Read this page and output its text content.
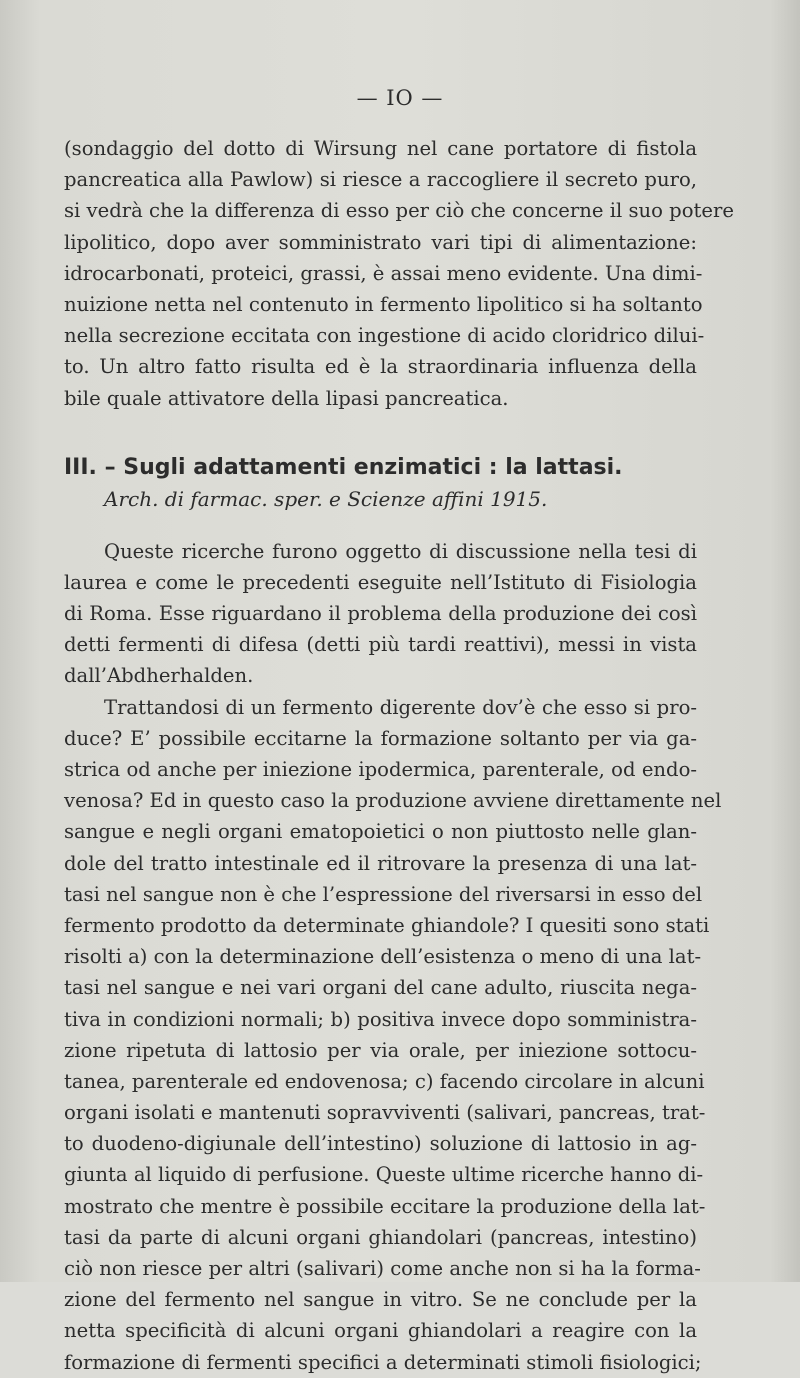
— IO —
(sondaggio del dotto di Wirsung nel cane portatore di fistola
pancreatica alla Pawlow) si riesce a raccogliere il secreto puro,
si vedrà che la differenza di esso per ciò che concerne il suo potere
lipolitico, dopo aver somministrato vari tipi di alimentazione:
idrocarbonati, proteici, grassi, è assai meno evidente. Una dimi-
nuizione netta nel contenuto in fermento lipolitico si ha soltanto
nella secrezione eccitata con ingestione di acido cloridrico dilui-
to. Un altro fatto risulta ed è la straordinaria influenza della
bile quale attivatore della lipasi pancreatica.
III. – Sugli adattamenti enzimatici : la lattasi.
Arch. di farmac. sper. e Scienze affini 1915.
Queste ricerche furono oggetto di discussione nella tesi di
laurea e come le precedenti eseguite nell’Istituto di Fisiologia
di Roma. Esse riguardano il problema della produzione dei così
detti fermenti di difesa (detti più tardi reattivi), messi in vista
dall’Abdherhalden.
Trattandosi di un fermento digerente dov’è che esso si pro-
duce? E’ possibile eccitarne la formazione soltanto per via ga-
strica od anche per iniezione ipodermica, parenterale, od endo-
venosa? Ed in questo caso la produzione avviene direttamente nel
sangue e negli organi ematopoietici o non piuttosto nelle glan-
dole del tratto intestinale ed il ritrovare la presenza di una lat-
tasi nel sangue non è che l’espressione del riversarsi in esso del
fermento prodotto da determinate ghiandole? I quesiti sono stati
risolti a) con la determinazione dell’esistenza o meno di una lat-
tasi nel sangue e nei vari organi del cane adulto, riuscita nega-
tiva in condizioni normali; b) positiva invece dopo somministra-
zione ripetuta di lattosio per via orale, per iniezione sottocu-
tanea, parenterale ed endovenosa; c) facendo circolare in alcuni
organi isolati e mantenuti sopravviventi (salivari, pancreas, trat-
to duodeno-digiunale dell’intestino) soluzione di lattosio in ag-
giunta al liquido di perfusione. Queste ultime ricerche hanno di-
mostrato che mentre è possibile eccitare la produzione della lat-
tasi da parte di alcuni organi ghiandolari (pancreas, intestino)
ciò non riesce per altri (salivari) come anche non si ha la forma-
zione del fermento nel sangue in vitro. Se ne conclude per la
netta specificità di alcuni organi ghiandolari a reagire con la
formazione di fermenti specifici a determinati stimoli fisiologici;
